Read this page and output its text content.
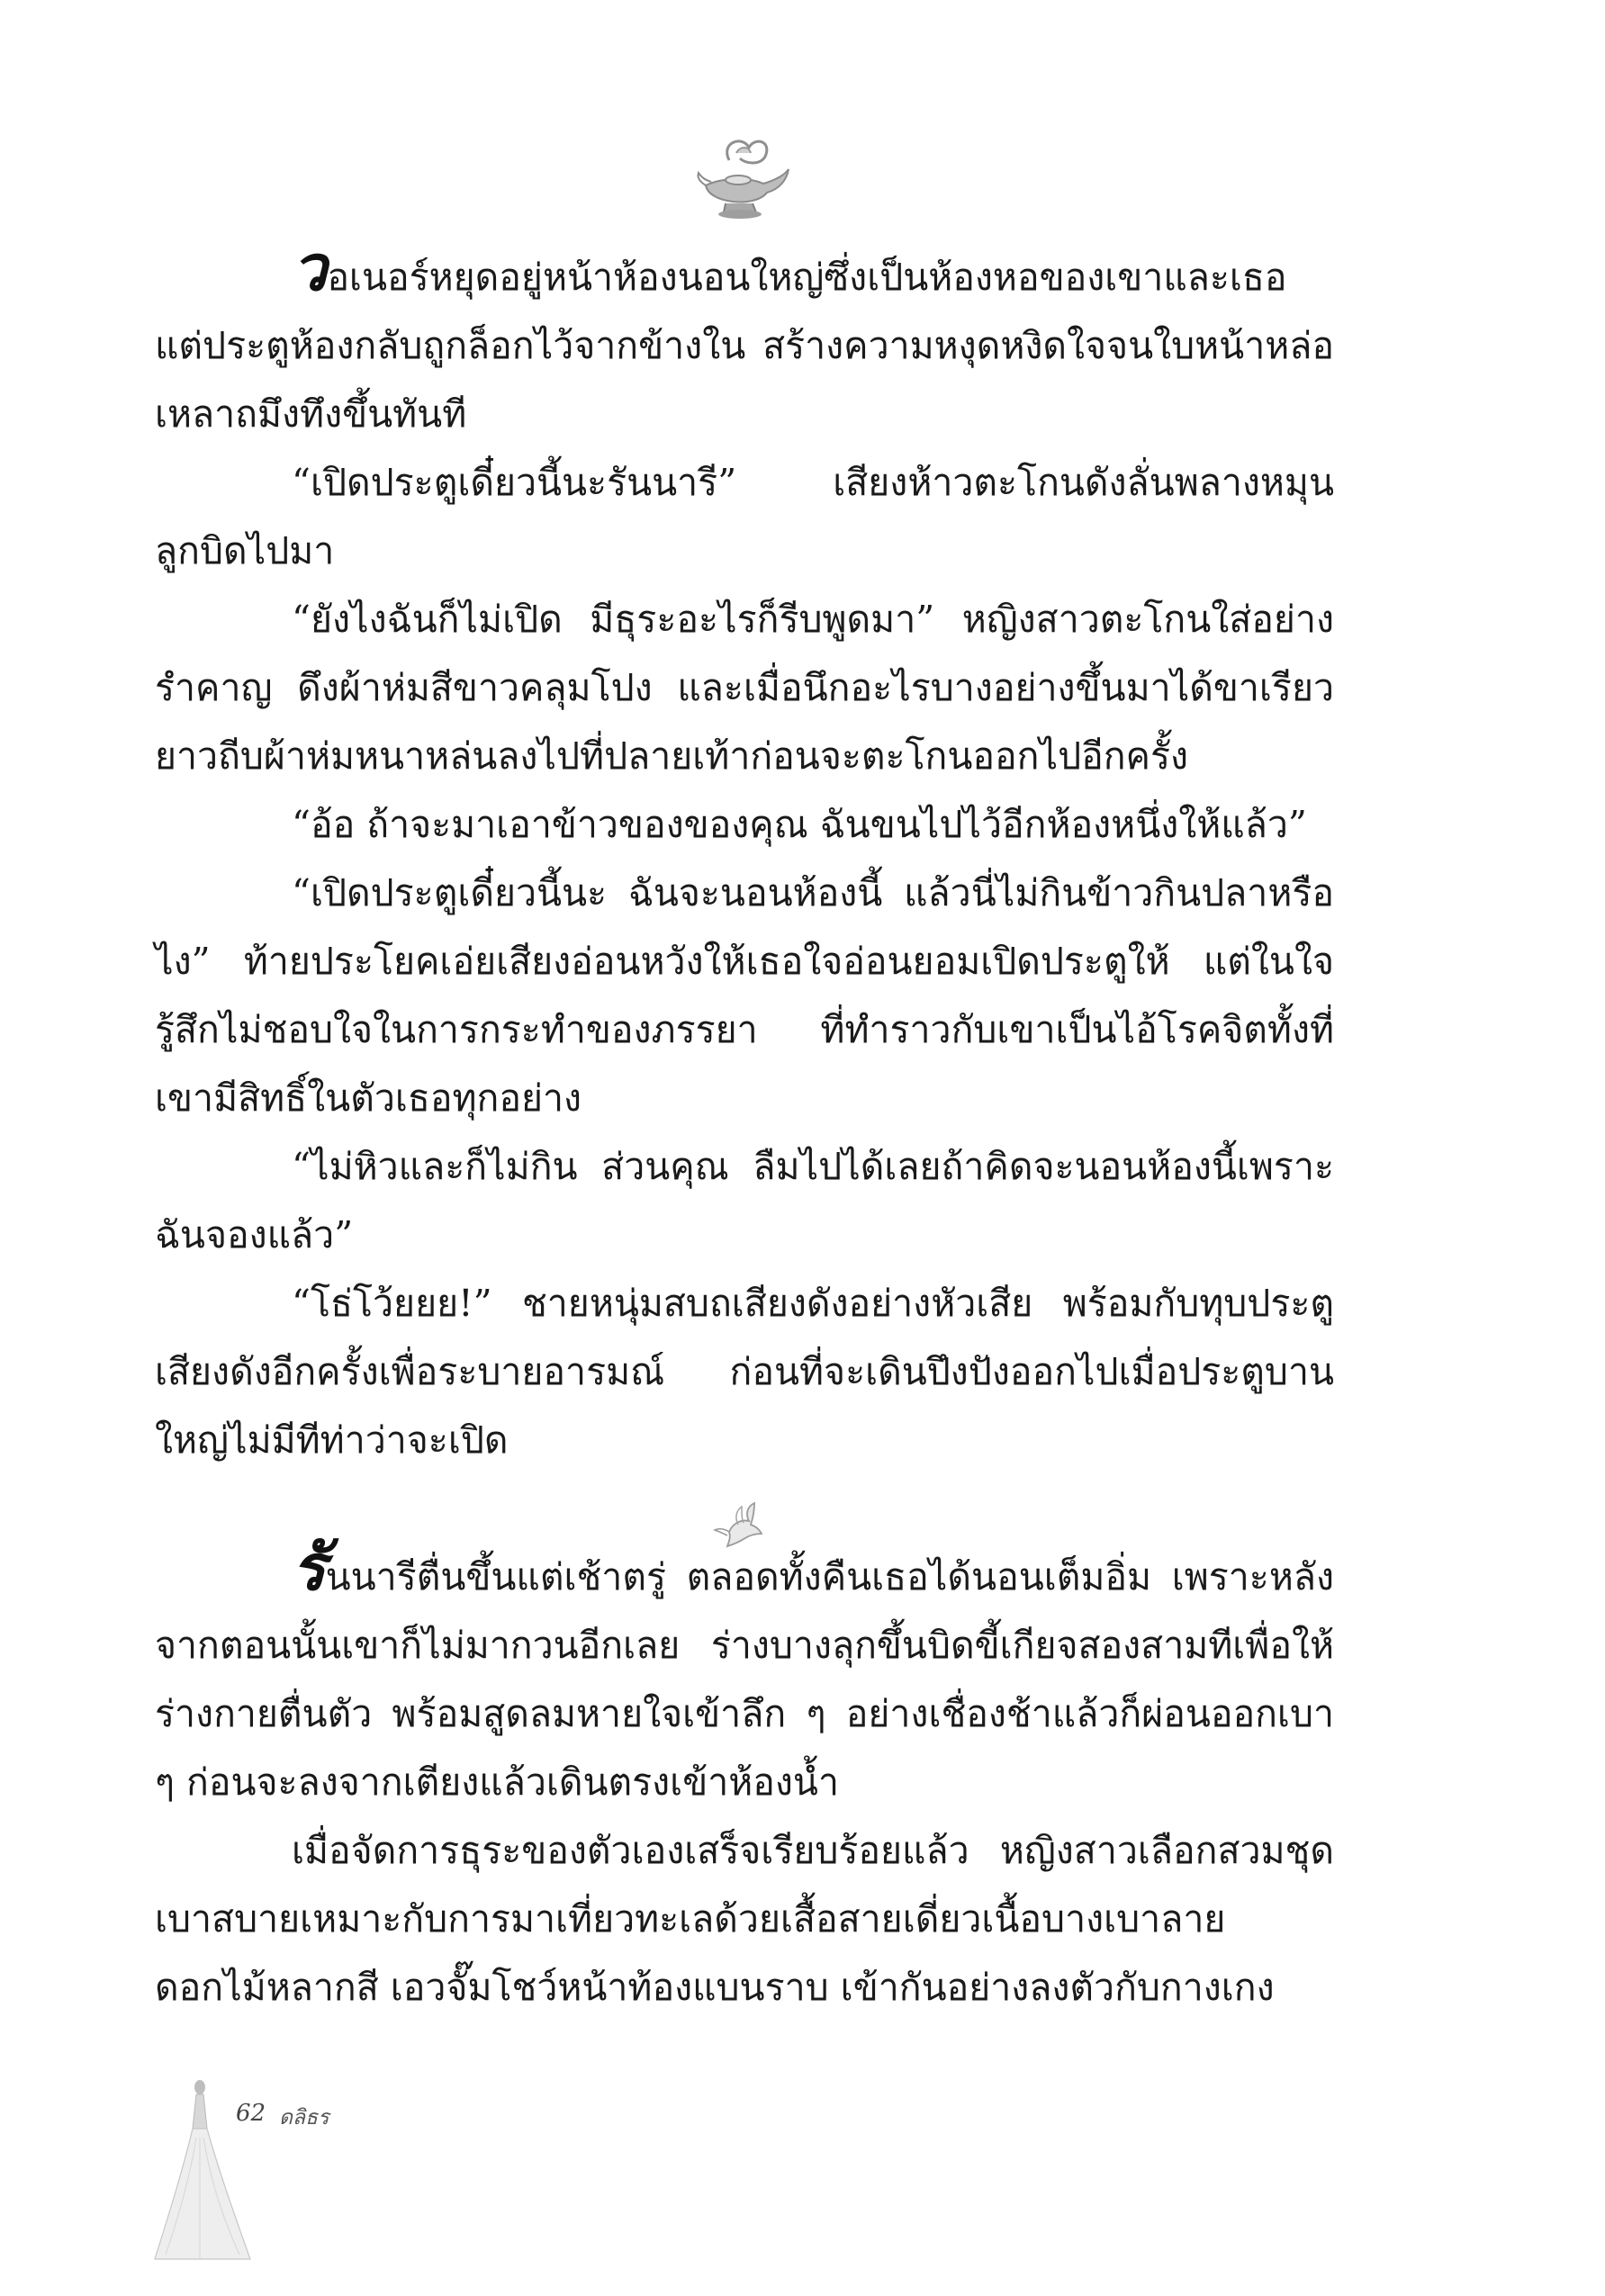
วอเนอร์หยุดอยู่หน้าห้องนอนใหญ่ซึ่งเป็นห้องหอของเขาและเธอแต่ประตูห้องกลับถูกล็อกไว้จากข้างใน สร้างความหงุดหงิดใจจนใบหน้าหล่อเหลาถมึงทึงขึ้นทันที

“เปิดประตูเดี๋ยวนี้นะรันนารี” เสียงห้าวตะโกนดังลั่นพลางหมุนลูกบิดไปมา

“ยังไงฉันก็ไม่เปิด มีธุระอะไรก็รีบพูดมา” หญิงสาวตะโกนใส่อย่างรำคาญ ดึงผ้าห่มสีขาวคลุมโปง และเมื่อนึกอะไรบางอย่างขึ้นมาได้ขาเรียวยาวถีบผ้าห่มหนาหล่นลงไปที่ปลายเท้าก่อนจะตะโกนออกไปอีกครั้ง

“อ้อ ถ้าจะมาเอาข้าวของของคุณ ฉันขนไปไว้อีกห้องหนึ่งให้แล้ว”

“เปิดประตูเดี๋ยวนี้นะ ฉันจะนอนห้องนี้ แล้วนี่ไม่กินข้าวกินปลาหรือไง” ท้ายประโยคเอ่ยเสียงอ่อนหวังให้เธอใจอ่อนยอมเปิดประตูให้ แต่ในใจรู้สึกไม่ชอบใจในการกระทำของภรรยา ที่ทำราวกับเขาเป็นไอ้โรคจิตทั้งที่เขามีสิทธิ์ในตัวเธอทุกอย่าง

“ไม่หิวและก็ไม่กิน ส่วนคุณ ลืมไปได้เลยถ้าคิดจะนอนห้องนี้เพราะฉันจองแล้ว”

“โธ่โว้ยยย!” ชายหนุ่มสบถเสียงดังอย่างหัวเสีย พร้อมกับทุบประตูเสียงดังอีกครั้งเพื่อระบายอารมณ์ ก่อนที่จะเดินปึงปังออกไปเมื่อประตูบานใหญ่ไม่มีทีท่าว่าจะเปิด

รันนารีตื่นขึ้นแต่เช้าตรู่ ตลอดทั้งคืนเธอได้นอนเต็มอิ่ม เพราะหลังจากตอนนั้นเขาก็ไม่มากวนอีกเลย ร่างบางลุกขึ้นบิดขี้เกียจสองสามทีเพื่อให้ร่างกายตื่นตัว พร้อมสูดลมหายใจเข้าลึก ๆ อย่างเชื่องช้าแล้วก็ผ่อนออกเบา ๆ ก่อนจะลงจากเตียงแล้วเดินตรงเข้าห้องน้ำ

เมื่อจัดการธุระของตัวเองเสร็จเรียบร้อยแล้ว หญิงสาวเลือกสวมชุดเบาสบายเหมาะกับการมาเที่ยวทะเลด้วยเสื้อสายเดี่ยวเนื้อบางเบาลายดอกไม้หลากสี เอวจั๊มโชว์หน้าท้องแบนราบ เข้ากันอย่างลงตัวกับกางเกง

62 ดลิธร
